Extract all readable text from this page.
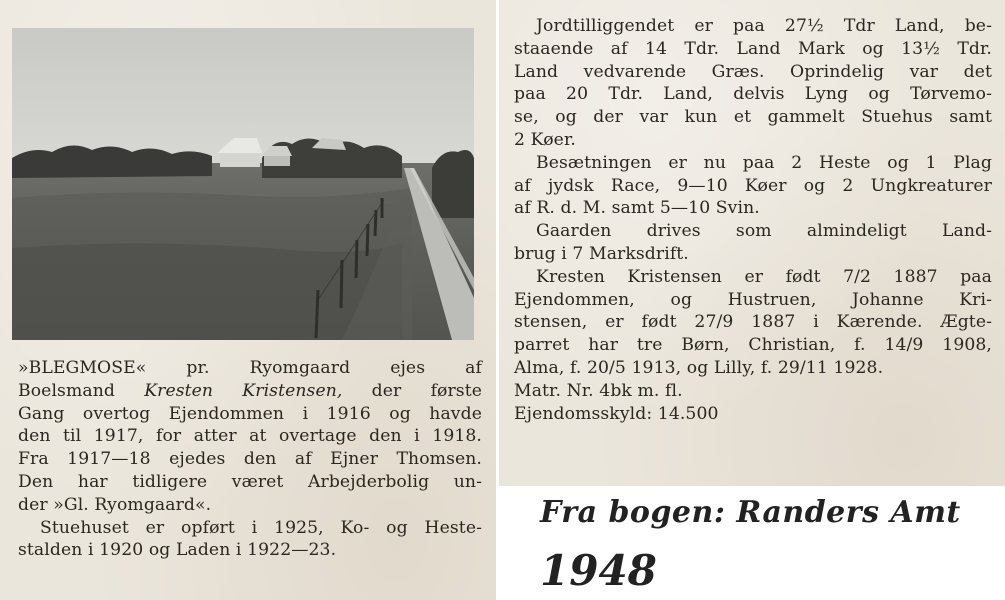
»BLEGMOSE« pr. Ryomgaard ejes af
Boelsmand Kresten Kristensen, der første
Gang overtog Ejendommen i 1916 og havde
den til 1917, for atter at overtage den i 1918.
Fra 1917—18 ejedes den af Ejner Thomsen.
Den har tidligere været Arbejderbolig un-
der »Gl. Ryomgaard«.
Stuehuset er opført i 1925, Ko- og Heste-
stalden i 1920 og Laden i 1922—23.
Jordtilliggendet er paa 27½ Tdr Land, be-
staaende af 14 Tdr. Land Mark og 13½ Tdr.
Land vedvarende Græs. Oprindelig var det
paa 20 Tdr. Land, delvis Lyng og Tørvemo-
se, og der var kun et gammelt Stuehus samt
2 Køer.
Besætningen er nu paa 2 Heste og 1 Plag
af jydsk Race, 9—10 Køer og 2 Ungkreaturer
af R. d. M. samt 5—10 Svin.
Gaarden drives som almindeligt Land-
brug i 7 Marksdrift.
Kresten Kristensen er født 7/2 1887 paa
Ejendommen, og Hustruen, Johanne Kri-
stensen, er født 27/9 1887 i Kærende. Ægte-
parret har tre Børn, Christian, f. 14/9 1908,
Alma, f. 20/5 1913, og Lilly, f. 29/11 1928.
Matr. Nr. 4bk m. fl.
Ejendomsskyld: 14.500
Fra bogen: Randers Amt
1948
